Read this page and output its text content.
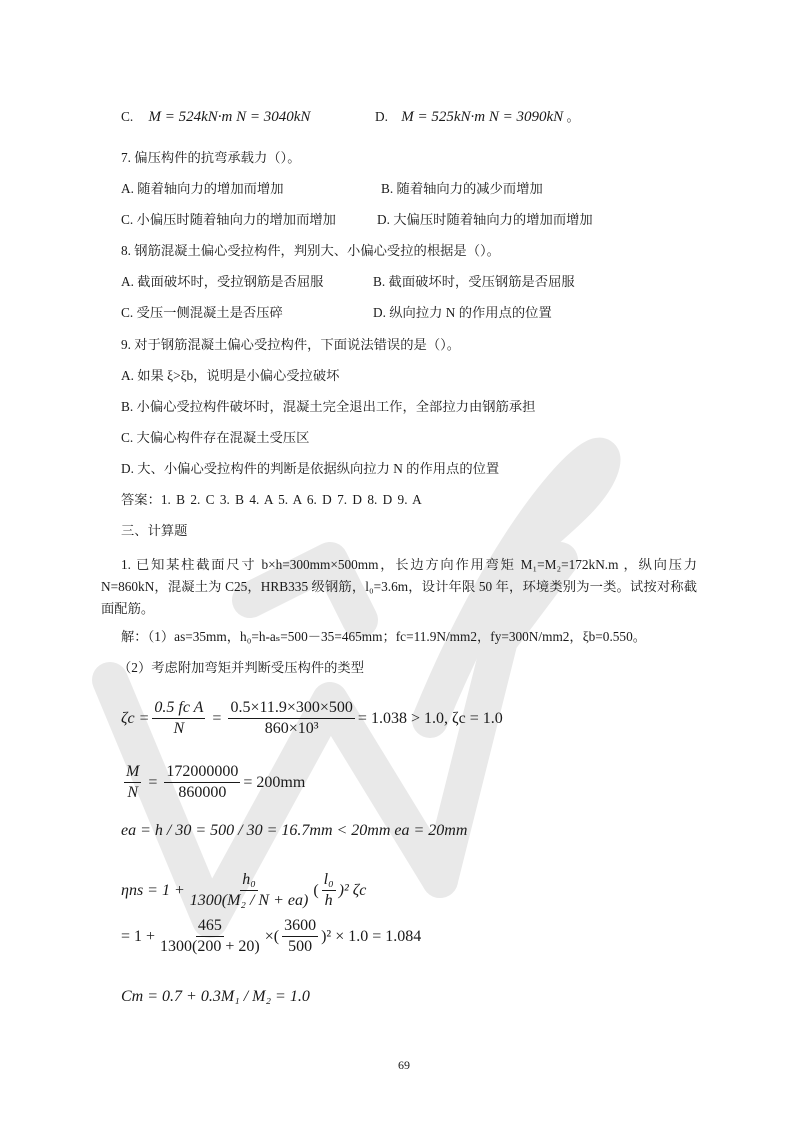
C. M = 524kN·m N = 3040kN	D. M = 525kN·m N = 3090kN 。
7. 偏压构件的抗弯承载力（）。
A. 随着轴向力的增加而增加	B. 随着轴向力的减少而增加
C. 小偏压时随着轴向力的增加而增加	D. 大偏压时随着轴向力的增加而增加
8. 钢筋混凝土偏心受拉构件，判别大、小偏心受拉的根据是（）。
A. 截面破坏时，受拉钢筋是否屈服	B. 截面破坏时，受压钢筋是否屈服
C. 受压一侧混凝土是否压碎	D. 纵向拉力 N 的作用点的位置
9. 对于钢筋混凝土偏心受拉构件，下面说法错误的是（）。
A. 如果 ξ>ξb，说明是小偏心受拉破坏
B. 小偏心受拉构件破坏时，混凝土完全退出工作，全部拉力由钢筋承担
C. 大偏心构件存在混凝土受压区
D. 大、小偏心受拉构件的判断是依据纵向拉力 N 的作用点的位置
答案：1. B 2. C 3. B 4. A 5. A 6. D 7. D 8. D 9. A
三、计算题
1. 已知某柱截面尺寸 b×h=300mm×500mm，长边方向作用弯矩 M₁=M₂=172kN.m ，纵向压力 N=860kN，混凝土为 C25，HRB335 级钢筋，l₀=3.6m，设计年限 50 年，环境类别为一类。试按对称截面配筋。
解：（1）as=35mm，h₀=h-aₛ=500－35=465mm；fc=11.9N/mm2，fy=300N/mm2，ξb=0.550。
（2）考虑附加弯矩并判断受压构件的类型
$\zeta c = \frac{\text{0.5 fc A}}{N} = \frac{0.5\times 11.9\times 300\times 500}{\text{860×10³}} = 1.038 > 1.0$, ζc = 1.0
$\frac{M}{N} = \frac{172000000}{860000} = 200mm$
ea = h / 30 = 500 / 30 = 16.7mm < 20mm ea = 20mm
$\eta ns = 1 + \frac{\text{h₀}}{\text{1300(M₂ / N + ea)}}$ ( $\frac{\text{l₀}}{h} )^2$ ζc
= $1 + \frac{465}{1300(200 + 20)}$ ×( $\frac{3600}{500} )^2 \times 1.0 = 1.084$
Cm = 0.7 + 0.3M₁ / M₂ = 1.0
69
